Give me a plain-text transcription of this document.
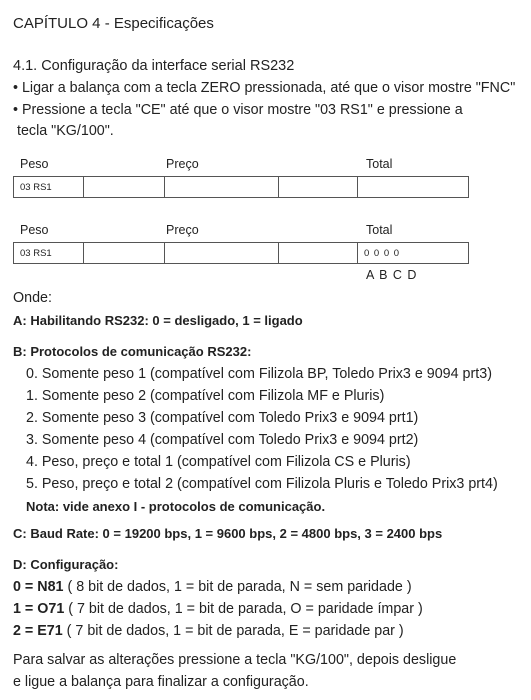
CAPÍTULO 4 - Especificações
4.1. Configuração da interface serial RS232
• Ligar a balança com a tecla ZERO pressionada, até que o visor mostre "FNC"
• Pressione a tecla "CE" até que o visor mostre "03 RS1" e pressione a
tecla "KG/100".
Peso	Preço	Total
03 RS1				
Peso	Preço	Total
03 RS1				0 0 0 0
A B C D
Onde:
A: Habilitando RS232: 0 = desligado, 1 = ligado
B: Protocolos de comunicação RS232:
0. Somente peso 1 (compatível com Filizola BP, Toledo Prix3 e 9094 prt3)
1. Somente peso 2 (compatível com Filizola MF e Pluris)
2. Somente peso 3 (compatível com Toledo Prix3 e 9094 prt1)
3. Somente peso 4 (compatível com Toledo Prix3 e 9094 prt2)
4. Peso, preço e total 1 (compatível com Filizola CS e Pluris)
5. Peso, preço e total 2 (compatível com Filizola Pluris e Toledo Prix3 prt4)
Nota: vide anexo I - protocolos de comunicação.
C: Baud Rate: 0 = 19200 bps, 1 = 9600 bps, 2 = 4800 bps, 3 = 2400 bps
D: Configuração:
0 = N81 ( 8 bit de dados, 1 = bit de parada, N = sem paridade )
1 = O71 ( 7 bit de dados, 1 = bit de parada, O = paridade ímpar )
2 = E71 ( 7 bit de dados, 1 = bit de parada, E = paridade par )
Para salvar as alterações pressione a tecla "KG/100", depois desligue
e ligue a balança para finalizar a configuração.
